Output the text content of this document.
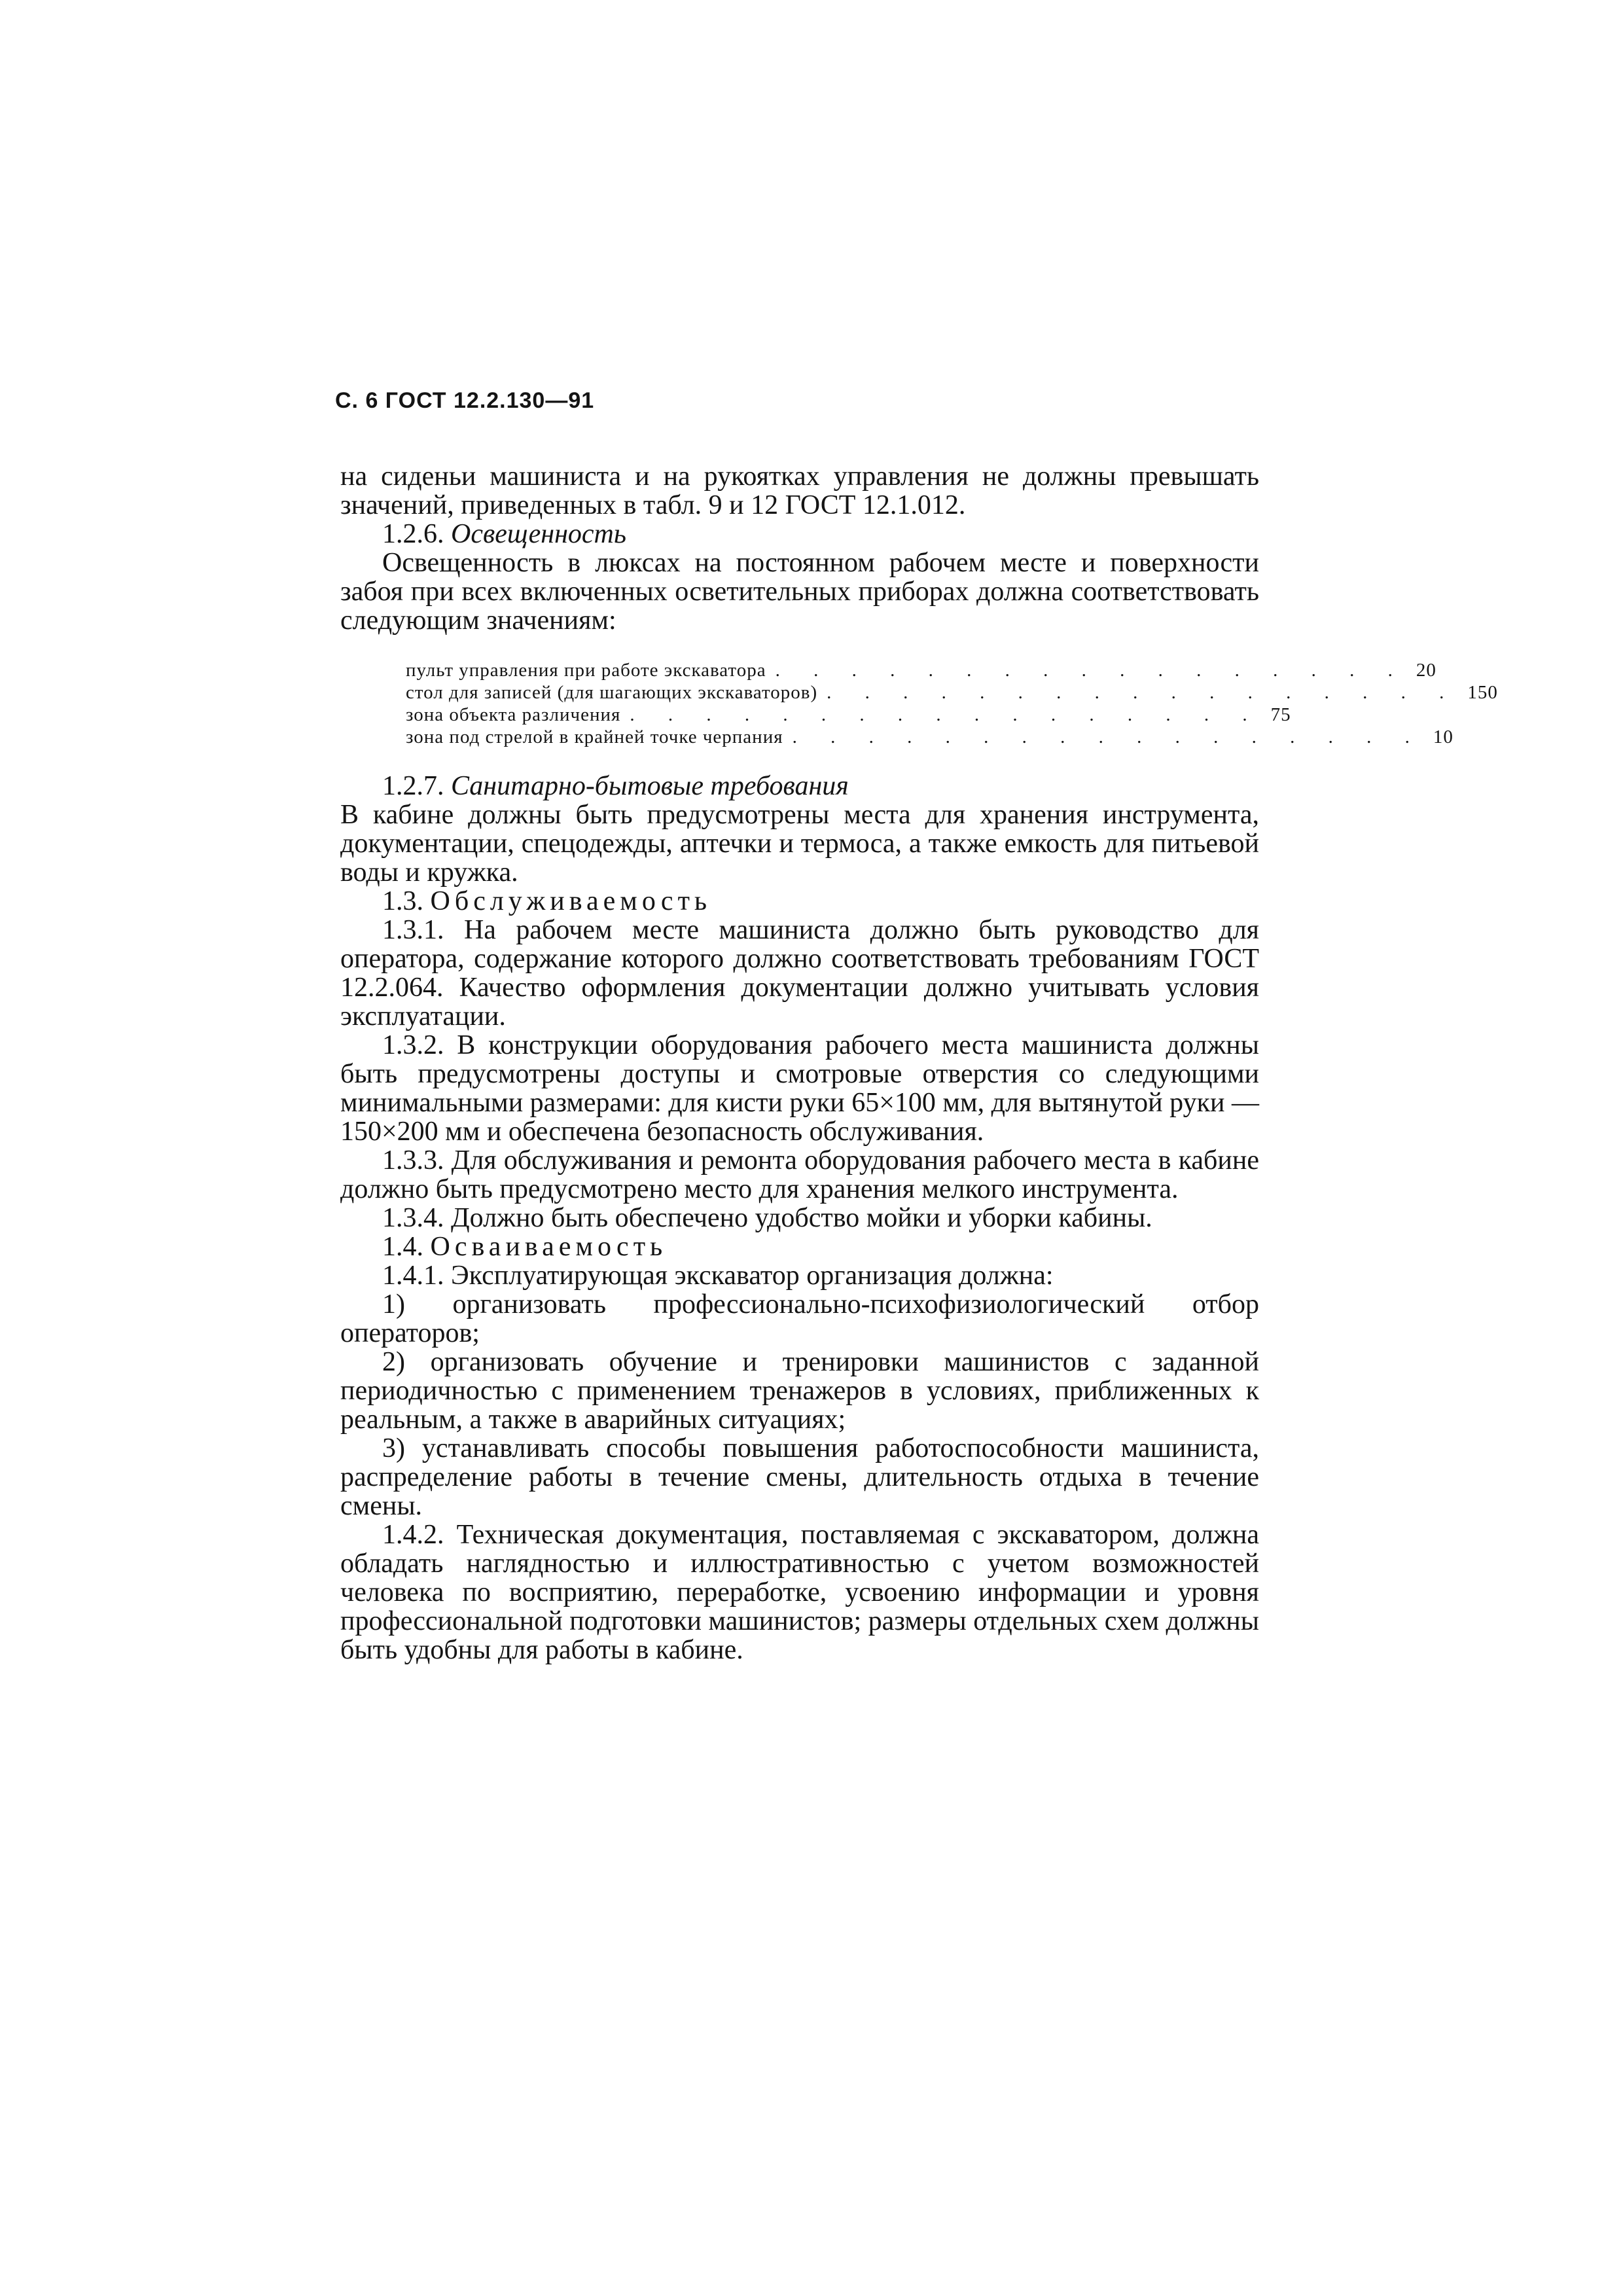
С. 6 ГОСТ 12.2.130—91

на сиденьи машиниста и на рукоятках управления не должны превышать значений, приведенных в табл. 9 и 12 ГОСТ 12.1.012.

1.2.6. Освещенность

Освещенность в люксах на постоянном рабочем месте и поверхности забоя при всех включенных осветительных приборах должна соответствовать следующим значениям:

пульт управления при работе экскаватора . . . . . . . . . . . . . . . . . 20
стол для записей (для шагающих экскаваторов) . . . . . . . . . . . . . . . . . 150
зона объекта различения . . . . . . . . . . . . . . . . . 75
зона под стрелой в крайней точке черпания . . . . . . . . . . . . . . . . . 10

1.2.7. Санитарно-бытовые требования

В кабине должны быть предусмотрены места для хранения инструмента, документации, спецодежды, аптечки и термоса, а также емкость для питьевой воды и кружка.

1.3. Обслуживаемость

1.3.1. На рабочем месте машиниста должно быть руководство для оператора, содержание которого должно соответствовать требованиям ГОСТ 12.2.064. Качество оформления документации должно учитывать условия эксплуатации.

1.3.2. В конструкции оборудования рабочего места машиниста должны быть предусмотрены доступы и смотровые отверстия со следующими минимальными размерами: для кисти руки 65×100 мм, для вытянутой руки — 150×200 мм и обеспечена безопасность обслуживания.

1.3.3. Для обслуживания и ремонта оборудования рабочего места в кабине должно быть предусмотрено место для хранения мелкого инструмента.

1.3.4. Должно быть обеспечено удобство мойки и уборки кабины.

1.4. Осваиваемость

1.4.1. Эксплуатирующая экскаватор организация должна:

1) организовать профессионально-психофизиологический отбор операторов;

2) организовать обучение и тренировки машинистов с заданной периодичностью с применением тренажеров в условиях, приближенных к реальным, а также в аварийных ситуациях;

3) устанавливать способы повышения работоспособности машиниста, распределение работы в течение смены, длительность отдыха в течение смены.

1.4.2. Техническая документация, поставляемая с экскаватором, должна обладать наглядностью и иллюстративностью с учетом возможностей человека по восприятию, переработке, усвоению информации и уровня профессиональной подготовки машинистов; размеры отдельных схем должны быть удобны для работы в кабине.
